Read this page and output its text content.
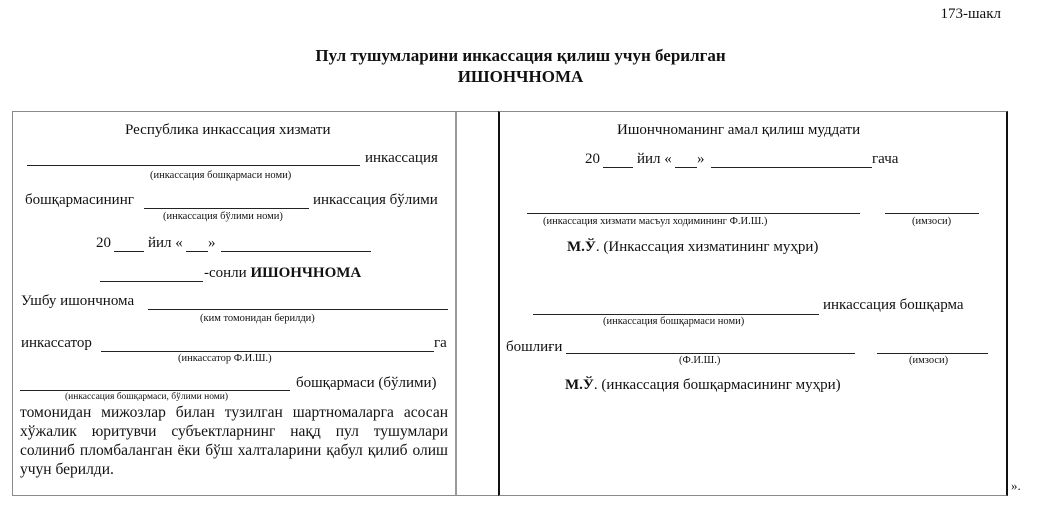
173-шакл
Пул тушумларини инкассация қилиш учун берилган
ИШОНЧНОМА
Республика инкассация хизмати
инкассация
(инкассация бошқармаси номи)
бошқармасининг	инкассация бўлими
(инкассация бўлими номи)
20 йил « »
-сонли ИШОНЧНОМА
Ушбу ишончнома
(ким томонидан берилди)
инкассатор	га
(инкассатор Ф.И.Ш.)
бошқармаси (бўлими)
(инкассация бошқармаси, бўлими номи)
томонидан мижозлар билан тузилган шартномаларга асосан хўжалик юритувчи субъектларнинг нақд пул тушумлари солиниб пломбаланган ёки бўш халталарини қабул қилиб олиш учун берилди.
Ишончноманинг амал қилиш муддати
20 йил « »	гача
(инкассация хизмати масъул ходимининг Ф.И.Ш.)	(имзоси)
М.Ў. (Инкассация хизматининг муҳри)
инкассация бошқарма
(инкассация бошқармаси номи)
бошлиғи
(Ф.И.Ш.)	(имзоси)
М.Ў. (инкассация бошқармасининг муҳри)
».
